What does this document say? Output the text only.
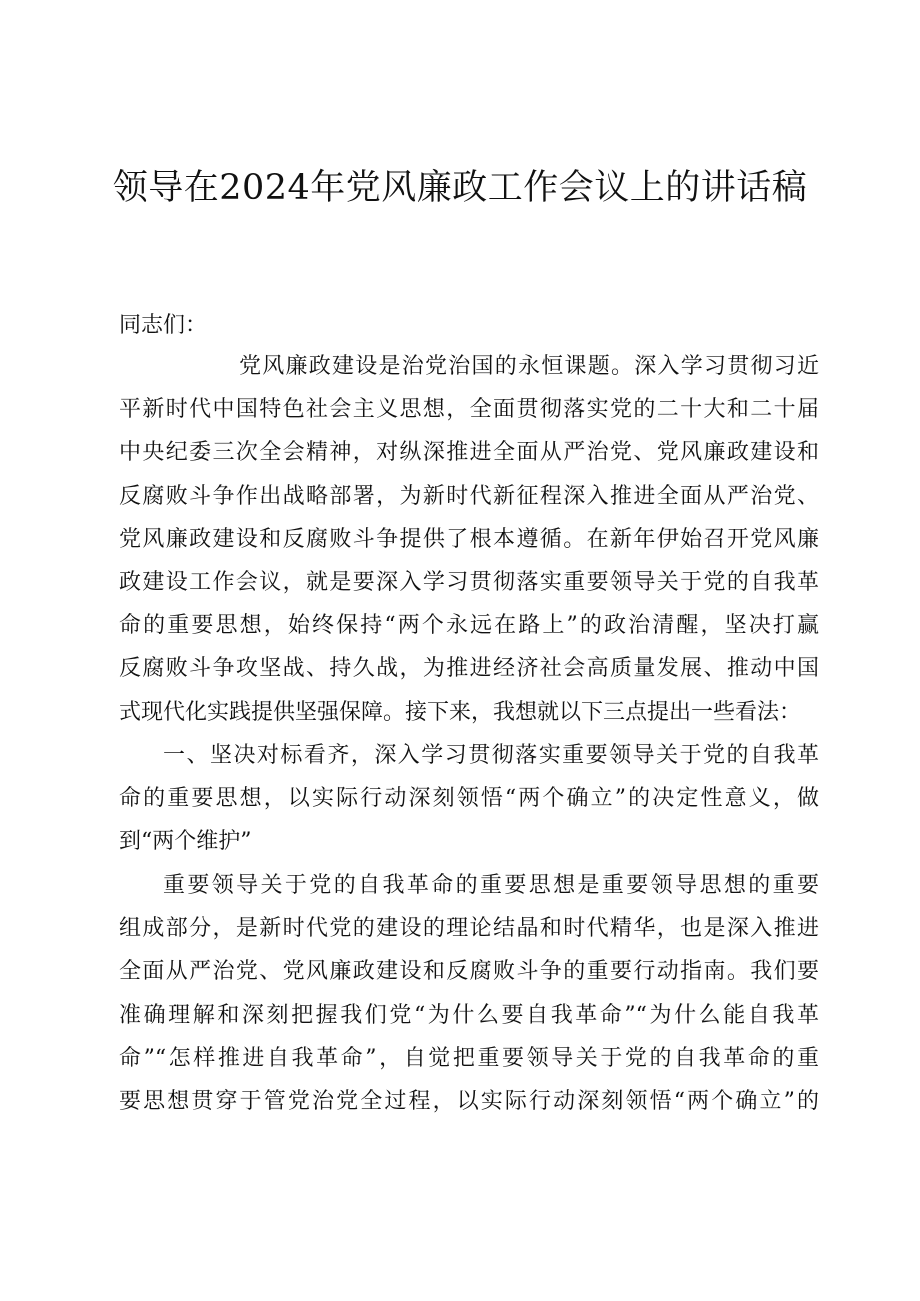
领导在2024年党风廉政工作会议上的讲话稿
同志们：
党风廉政建设是治党治国的永恒课题。深入学习贯彻习近
平新时代中国特色社会主义思想，全面贯彻落实党的二十大和二十届
中央纪委三次全会精神，对纵深推进全面从严治党、党风廉政建设和
反腐败斗争作出战略部署，为新时代新征程深入推进全面从严治党、
党风廉政建设和反腐败斗争提供了根本遵循。在新年伊始召开党风廉
政建设工作会议，就是要深入学习贯彻落实重要领导关于党的自我革
命的重要思想，始终保持“两个永远在路上”的政治清醒，坚决打赢
反腐败斗争攻坚战、持久战，为推进经济社会高质量发展、推动中国
式现代化实践提供坚强保障。接下来，我想就以下三点提出一些看法：
一、坚决对标看齐，深入学习贯彻落实重要领导关于党的自我革
命的重要思想，以实际行动深刻领悟“两个确立”的决定性意义，做
到“两个维护”
重要领导关于党的自我革命的重要思想是重要领导思想的重要
组成部分，是新时代党的建设的理论结晶和时代精华，也是深入推进
全面从严治党、党风廉政建设和反腐败斗争的重要行动指南。我们要
准确理解和深刻把握我们党“为什么要自我革命”“为什么能自我革
命”“怎样推进自我革命”，自觉把重要领导关于党的自我革命的重
要思想贯穿于管党治党全过程，以实际行动深刻领悟“两个确立”的
